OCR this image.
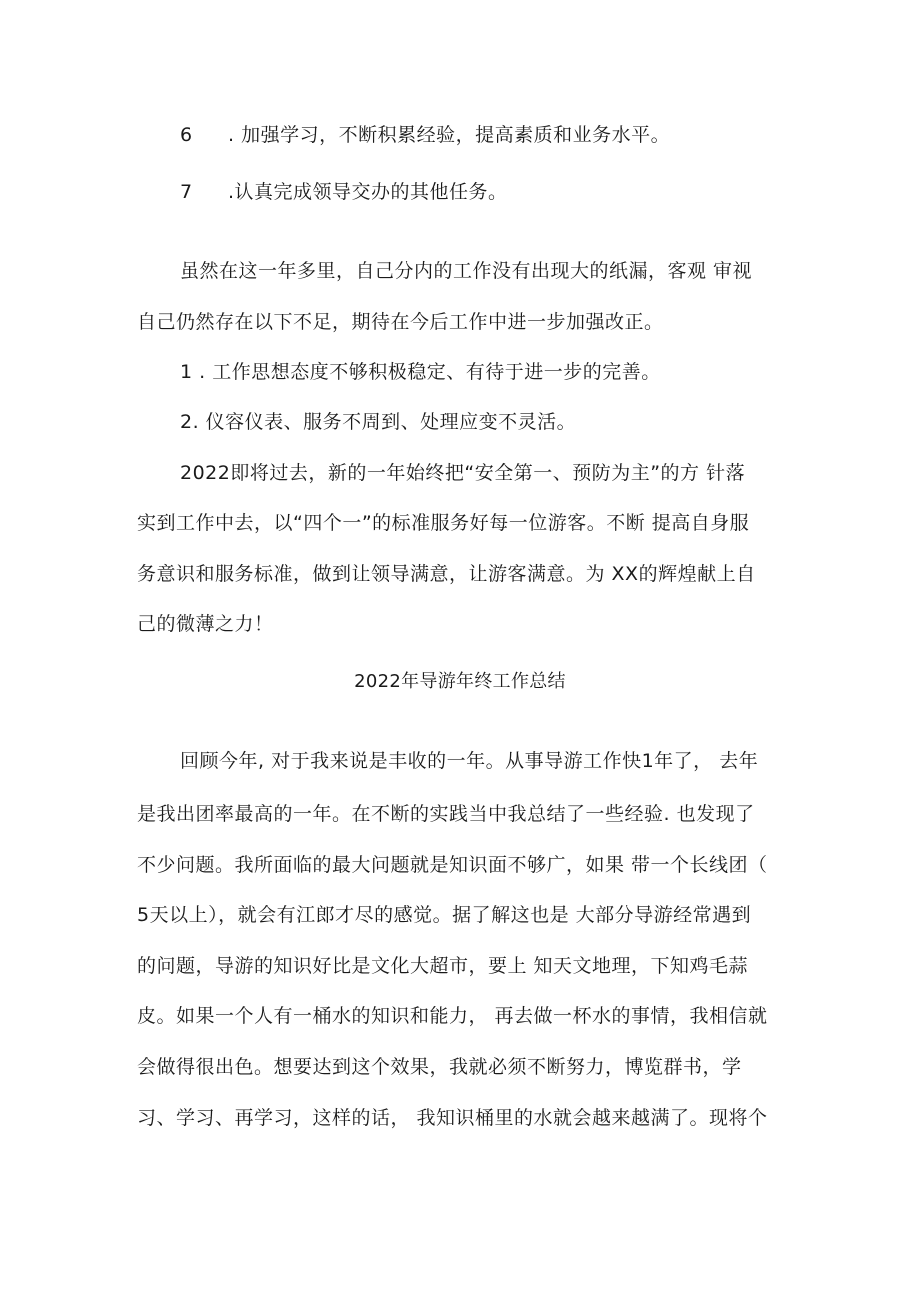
6 . 加强学习，不断积累经验，提高素质和业务水平。
7 .认真完成领导交办的其他任务。
虽然在这一年多里，自己分内的工作没有出现大的纸漏，客观 审视
自己仍然存在以下不足，期待在今后工作中进一步加强改正。
1 . 工作思想态度不够积极稳定、有待于进一步的完善。
2. 仪容仪表、服务不周到、处理应变不灵活。
2022即将过去，新的一年始终把“安全第一、预防为主”的方 针落
实到工作中去，以“四个一”的标准服务好每一位游客。不断 提高自身服
务意识和服务标准，做到让领导满意，让游客满意。为 XX的辉煌献上自
己的微薄之力！
2022年导游年终工作总结
回顾今年, 对于我来说是丰收的一年。从事导游工作快1年了， 去年
是我出团率最高的一年。在不断的实践当中我总结了一些经验. 也发现了
不少问题。我所面临的最大问题就是知识面不够广，如果 带一个长线团（
5天以上），就会有江郎才尽的感觉。据了解这也是 大部分导游经常遇到
的问题，导游的知识好比是文化大超市，要上 知天文地理，下知鸡毛蒜
皮。如果一个人有一桶水的知识和能力， 再去做一杯水的事情，我相信就
会做得很出色。想要达到这个效果，我就必须不断努力，博览群书，学
习、学习、再学习，这样的话， 我知识桶里的水就会越来越满了。现将个
